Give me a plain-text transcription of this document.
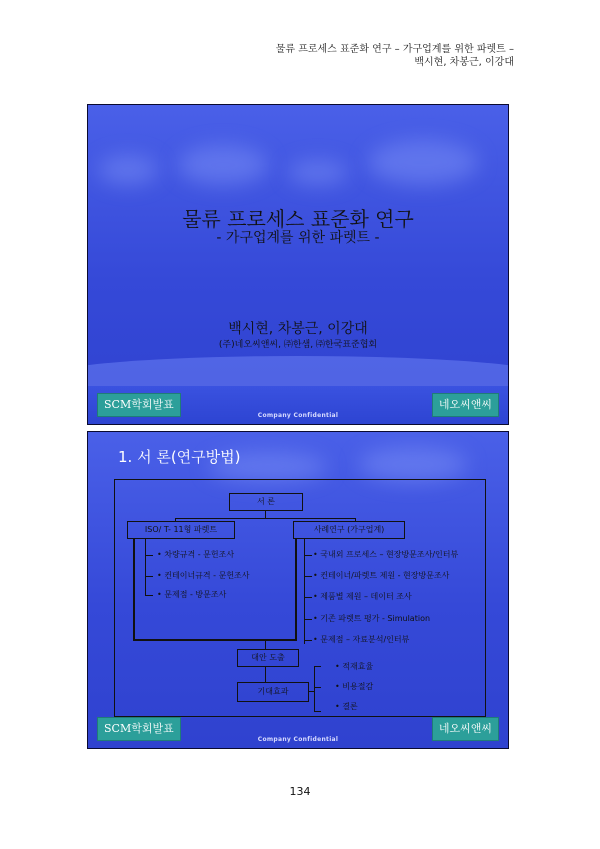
물류 프로세스 표준화 연구 – 가구업계를 위한 파렛트 –
백시현, 차봉근, 이강대
물류 프로세스 표준화 연구
- 가구업계를 위한 파렛트 -
백시현, 차봉근, 이강대
(주)네오씨앤씨, ㈜한샘, ㈜한국표준협회
SCM학회발표
Company Confidential
네오씨앤씨
1. 서 론(연구방법)
서 론
ISO/ T- 11형 파렛트	사례연구 (가구업계)
• 차량규격 - 문헌조사
• 컨테이너규격 - 문헌조사
• 문제점 - 방문조사
• 국내외 프로세스 – 현장방문조사/인터뷰
• 컨테이너/파렛트 제원 - 현장방문조사
• 제품별 제원 – 데이터 조사
• 기존 파렛트 평가 - Simulation
• 문제점 – 자료분석/인터뷰
대안 도출
기대효과
• 적재효율
• 비용절감
• 결론
SCM학회발표
Company Confidential
네오씨앤씨
134
